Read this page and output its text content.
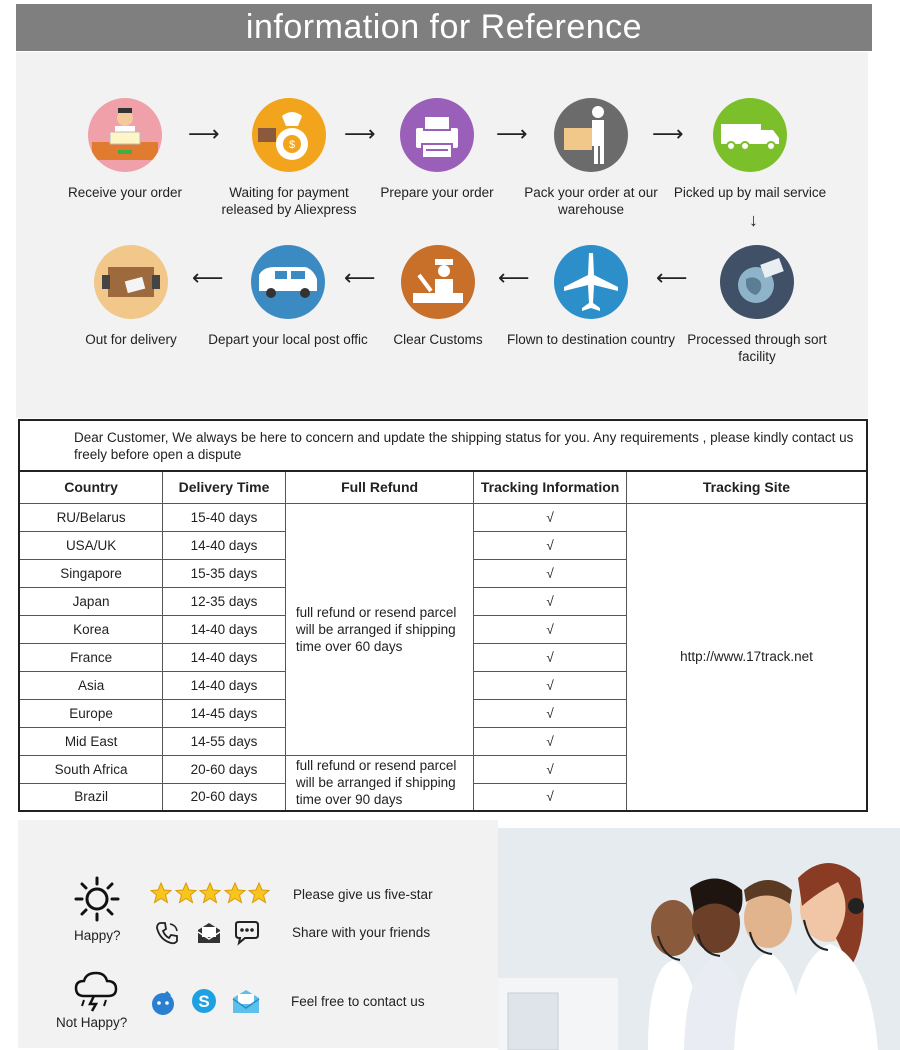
information for Reference
Receive your order
⟶	$
Waiting for payment released by Aliexpress
⟶
Prepare your order
⟶
Pack your order at our warehouse
⟶
Picked up by mail service
↓
Processed through sort facility
⟵
Flown to destination country
⟵
Clear Customs
⟵
Depart your local post offic
⟵
Out for delivery
Dear Customer, We always be here to concern and update the shipping status for you. Any requirements , please kindly contact us freely before open a dispute				
Country	Delivery Time	Full Refund	Tracking Information	Tracking Site
RU/Belarus	15-40 days	full refund or resend parcel will be arranged if shipping time over 60 days	√	http://www.17track.net
USA/UK	14-40 days		√	
Singapore	15-35 days		√	
Japan	12-35 days		√	
Korea	14-40 days		√	
France	14-40 days		√	
Asia	14-40 days		√	
Europe	14-45 days		√	
Mid East	14-55 days		√	
South Africa	20-60 days	full refund or resend parcel will be arranged if shipping time over 90 days	√	
Brazil	20-60 days		√	
Happy?
Please give us five-star
Share with your friends
Not Happy?
S	Feel free to contact us
